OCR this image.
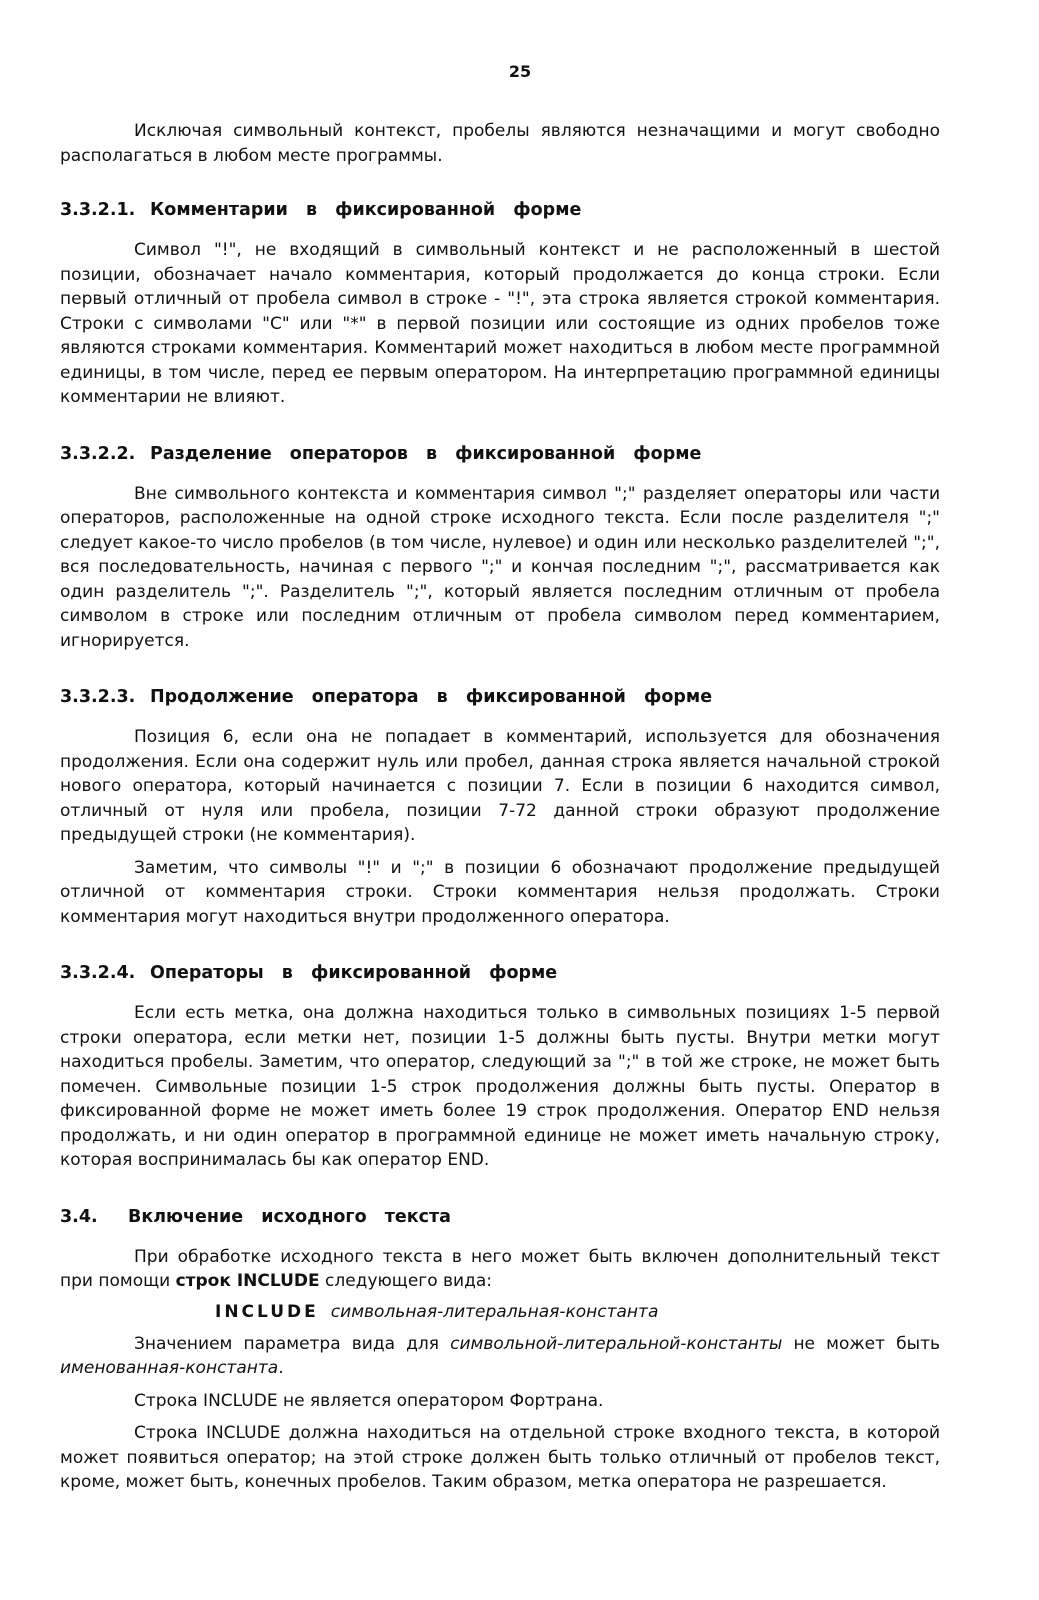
25

Исключая символьный контекст, пробелы являются незначащими и могут свободно располагаться в любом месте программы.

3.3.2.1. Комментарии в фиксированной форме

Символ "!", не входящий в символьный контекст и не расположенный в шестой позиции, обозначает начало комментария, который продолжается до конца строки. Если первый отличный от пробела символ в строке - "!", эта строка является строкой комментария. Строки с символами "C" или "*" в первой позиции или состоящие из одних пробелов тоже являются строками комментария. Комментарий может находиться в любом месте программной единицы, в том числе, перед ее первым оператором. На интерпретацию программной единицы комментарии не влияют.

3.3.2.2. Разделение операторов в фиксированной форме

Вне символьного контекста и комментария символ ";" разделяет операторы или части операторов, расположенные на одной строке исходного текста. Если после разделителя ";" следует какое-то число пробелов (в том числе, нулевое) и один или несколько разделителей ";", вся последовательность, начиная с первого ";" и кончая последним ";", рассматривается как один разделитель ";". Разделитель ";", который является последним отличным от пробела символом в строке или последним отличным от пробела символом перед комментарием, игнорируется.

3.3.2.3. Продолжение оператора в фиксированной форме

Позиция 6, если она не попадает в комментарий, используется для обозначения продолжения. Если она содержит нуль или пробел, данная строка является начальной строкой нового оператора, который начинается с позиции 7. Если в позиции 6 находится символ, отличный от нуля или пробела, позиции 7-72 данной строки образуют продолжение предыдущей строки (не комментария).

Заметим, что символы "!" и ";" в позиции 6 обозначают продолжение предыдущей отличной от комментария строки. Строки комментария нельзя продолжать. Строки комментария могут находиться внутри продолженного оператора.

3.3.2.4. Операторы в фиксированной форме

Если есть метка, она должна находиться только в символьных позициях 1-5 первой строки оператора, если метки нет, позиции 1-5 должны быть пусты. Внутри метки могут находиться пробелы. Заметим, что оператор, следующий за ";" в той же строке, не может быть помечен. Символьные позиции 1-5 строк продолжения должны быть пусты. Оператор в фиксированной форме не может иметь более 19 строк продолжения. Оператор END нельзя продолжать, и ни один оператор в программной единице не может иметь начальную строку, которая воспринималась бы как оператор END.

3.4.	Включение исходного текста

При обработке исходного текста в него может быть включен дополнительный текст при помощи строк INCLUDE следующего вида:

INCLUDE символьная-литеральная-константа

Значением параметра вида для символьной-литеральной-константы не может быть именованная-константа.

Строка INCLUDE не является оператором Фортрана.

Строка INCLUDE должна находиться на отдельной строке входного текста, в которой может появиться оператор; на этой строке должен быть только отличный от пробелов текст, кроме, может быть, конечных пробелов. Таким образом, метка оператора не разрешается.
